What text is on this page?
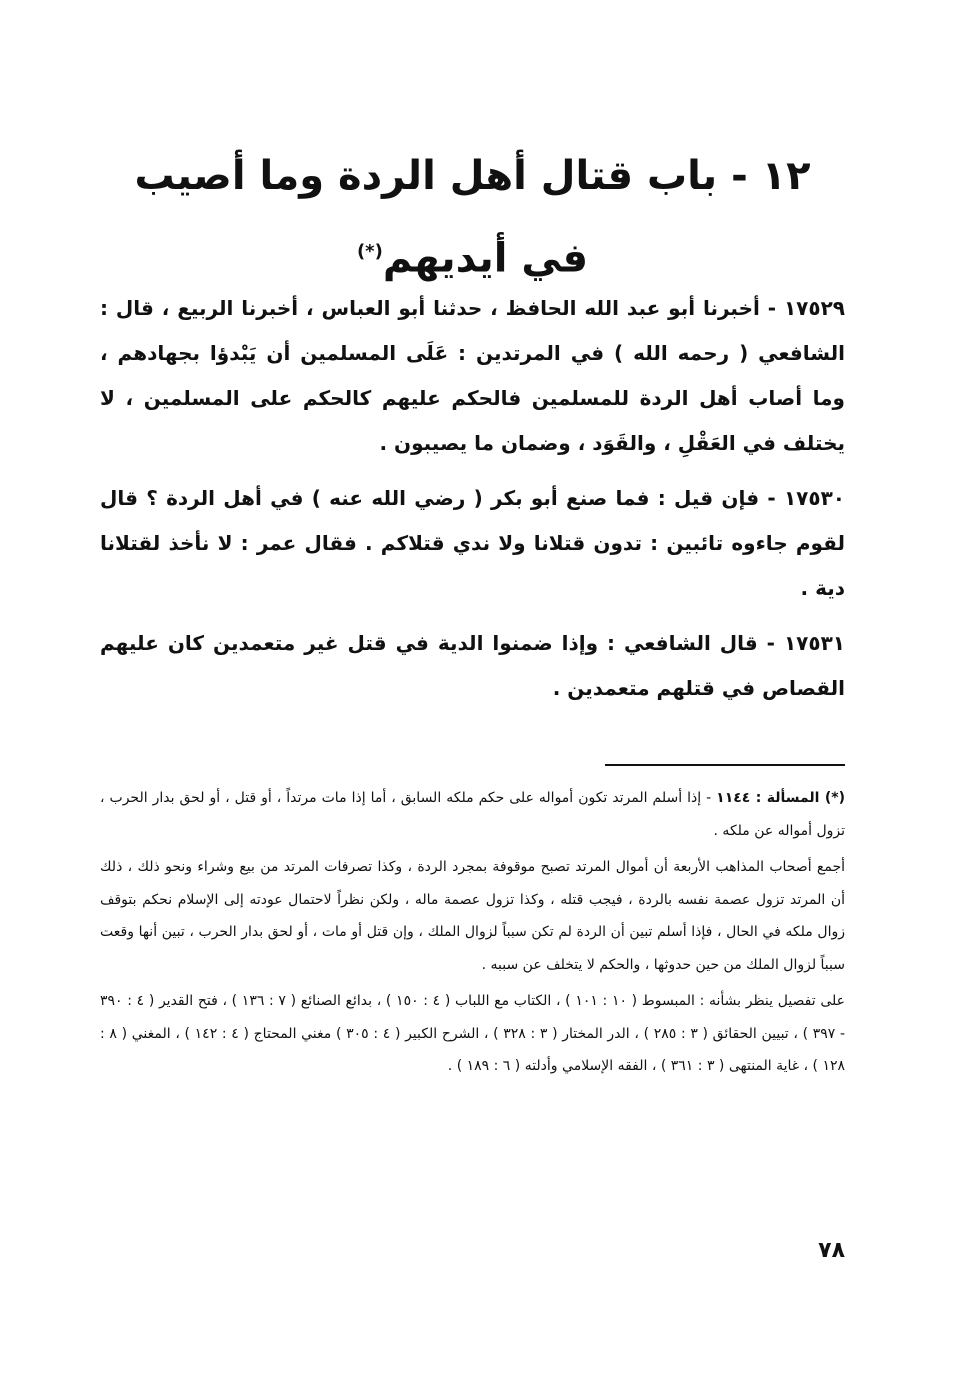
١٢ - باب قتال أهل الردة وما أصيب
في أيديهم(*)

١٧٥٢٩ - أخبرنا أبو عبد الله الحافظ ، حدثنا أبو العباس ، أخبرنا الربيع ، قال : الشافعي ( رحمه الله ) في المرتدين : عَلَى المسلمين أن يَبْدؤا بجهادهم ، وما أصاب أهل الردة للمسلمين فالحكم عليهم كالحكم على المسلمين ، لا يختلف في العَقْلِ ، والقَوَد ، وضمان ما يصيبون .

١٧٥٣٠ - فإن قيل : فما صنع أبو بكر ( رضي الله عنه ) في أهل الردة ؟ قال لقوم جاءوه تائبين : تدون قتلانا ولا ندي قتلاكم . فقال عمر : لا نأخذ لقتلانا دية .

١٧٥٣١ - قال الشافعي : وإذا ضمنوا الدية في قتل غير متعمدين كان عليهم القصاص في قتلهم متعمدين .

(*) المسألة : ١١٤٤ - إذا أسلم المرتد تكون أمواله على حكم ملكه السابق ، أما إذا مات مرتداً ، أو قتل ، أو لحق بدار الحرب ، تزول أمواله عن ملكه .

أجمع أصحاب المذاهب الأربعة أن أموال المرتد تصبح موقوفة بمجرد الردة ، وكذا تصرفات المرتد من بيع وشراء ونحو ذلك ، ذلك أن المرتد تزول عصمة نفسه بالردة ، فيجب قتله ، وكذا تزول عصمة ماله ، ولكن نظراً لاحتمال عودته إلى الإسلام نحكم بتوقف زوال ملكه في الحال ، فإذا أسلم تبين أن الردة لم تكن سبباً لزوال الملك ، وإن قتل أو مات ، أو لحق بدار الحرب ، تبين أنها وقعت سبباً لزوال الملك من حين حدوثها ، والحكم لا يتخلف عن سببه .

على تفصيل ينظر بشأنه : المبسوط ( ١٠ : ١٠١ ) ، الكتاب مع اللباب ( ٤ : ١٥٠ ) ، بدائع الصنائع ( ٧ : ١٣٦ ) ، فتح القدير ( ٤ : ٣٩٠ - ٣٩٧ ) ، تبيين الحقائق ( ٣ : ٢٨٥ ) ، الدر المختار ( ٣ : ٣٢٨ ) ، الشرح الكبير ( ٤ : ٣٠٥ ) مغني المحتاج ( ٤ : ١٤٢ ) ، المغني ( ٨ : ١٢٨ ) ، غاية المنتهى ( ٣ : ٣٦١ ) ، الفقه الإسلامي وأدلته ( ٦ : ١٨٩ ) .

٧٨
